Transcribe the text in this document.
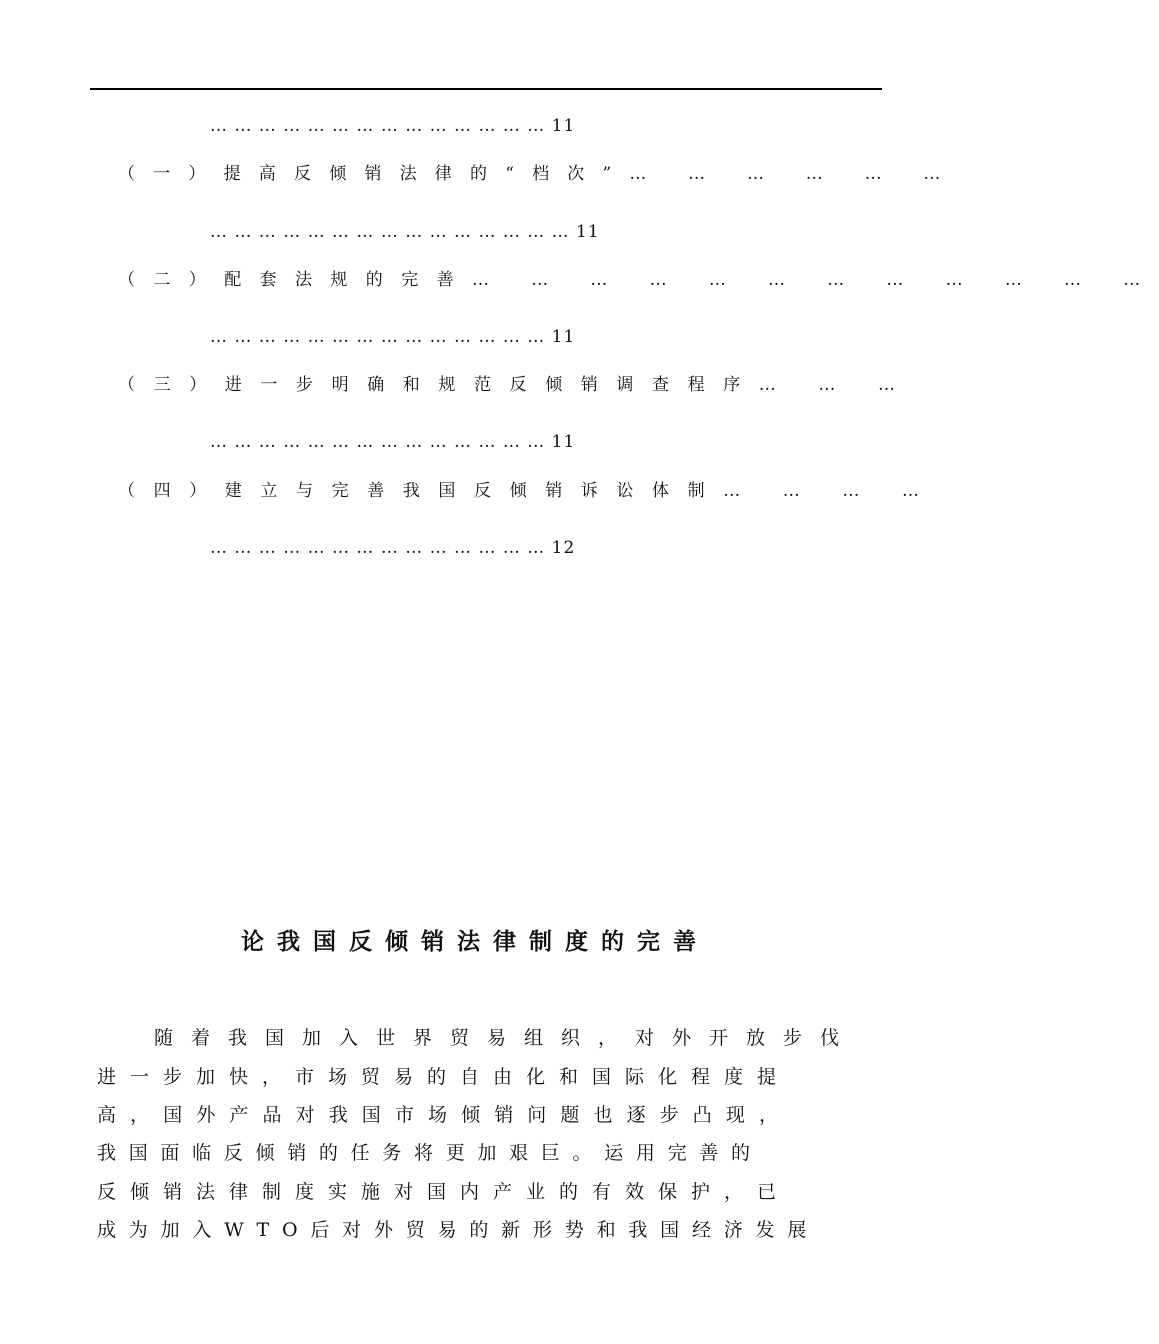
… … … … … … … … … … … … … … 11
（一）提高反倾销法律的“档次”… … … … … …
… … … … … … … … … … … … … … … 11
（二）配套法规的完善… … … … … … … … … … … …
… … … … … … … … … … … … … … 11
（三）进一步明确和规范反倾销调查程序… … …
… … … … … … … … … … … … … … 11
（四）建立与完善我国反倾销诉讼体制… … … …
… … … … … … … … … … … … … … 12
论我国反倾销法律制度的完善
随着我国加入世界贸易组织，对外开放步伐
进一步加快，市场贸易的自由化和国际化程度提
高，国外产品对我国市场倾销问题也逐步凸现，
我国面临反倾销的任务将更加艰巨。运用完善的
反倾销法律制度实施对国内产业的有效保护，已
成为加入WTO后对外贸易的新形势和我国经济发展
